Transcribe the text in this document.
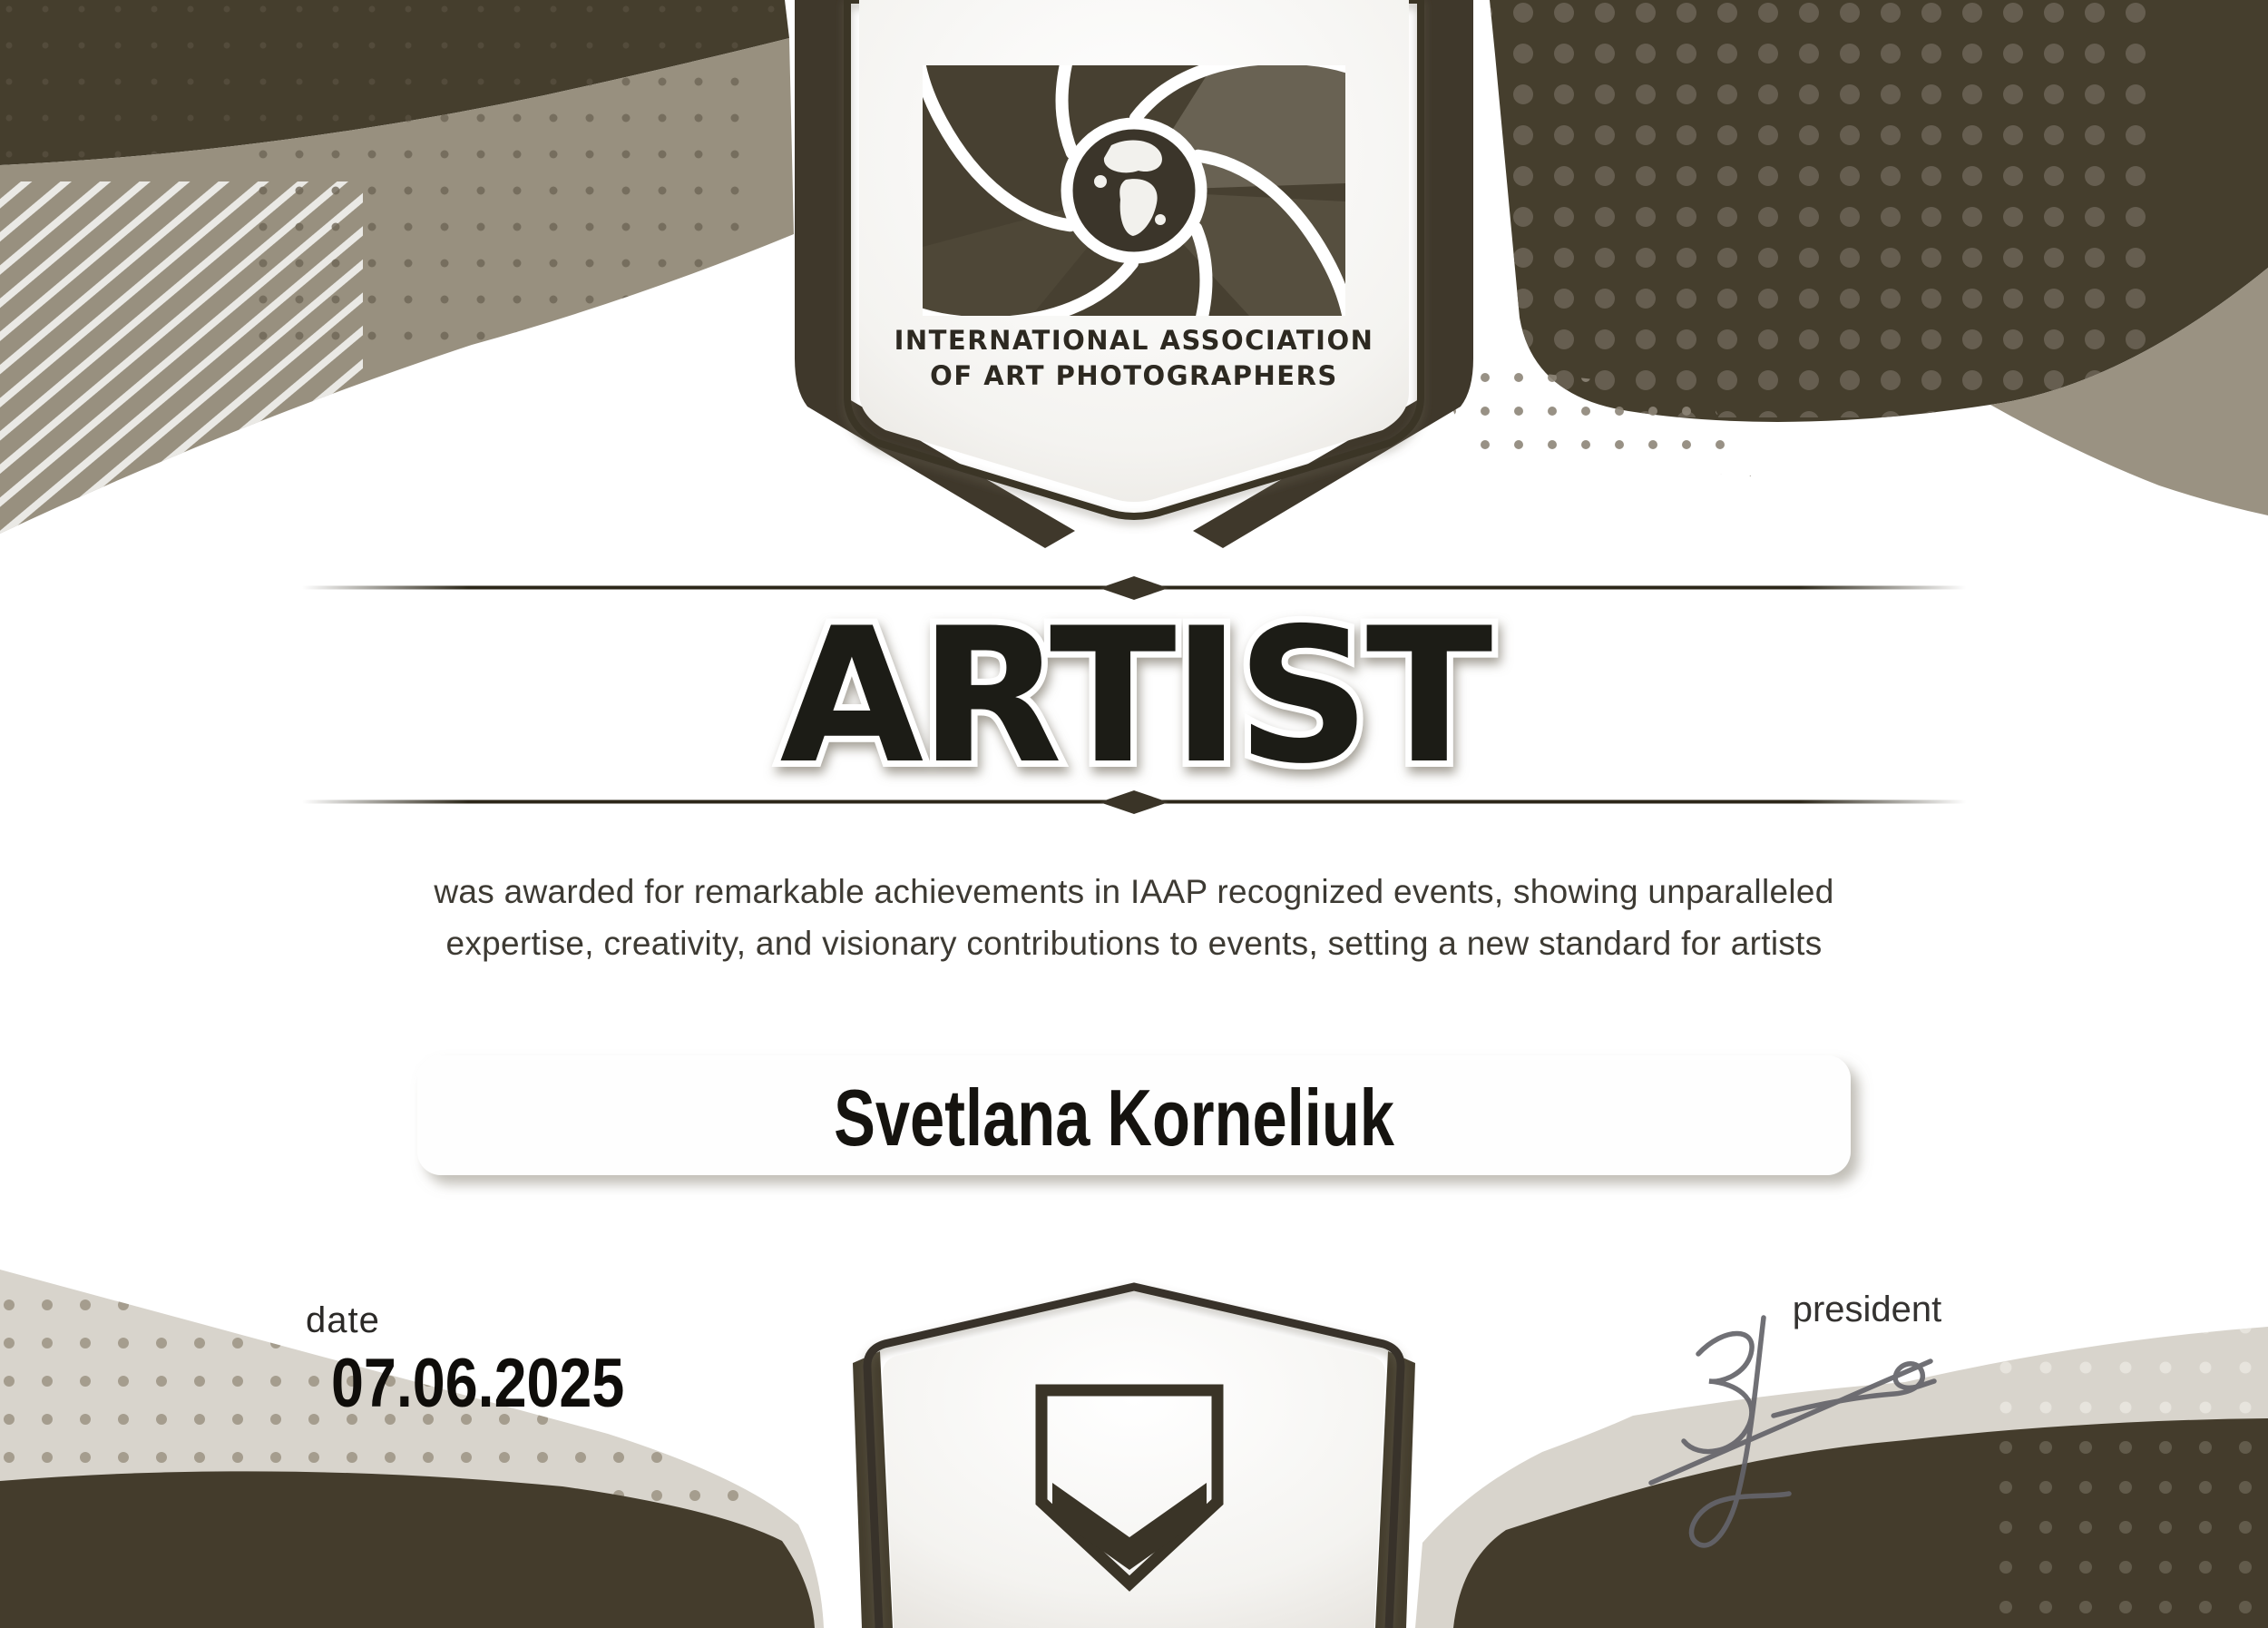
INTERNATIONAL ASSOCIATION
OF ART PHOTOGRAPHERS
ARTIST
was awarded for remarkable achievements in IAAP recognized events, showing unparalleled
expertise, creativity, and visionary contributions to events, setting a new standard for artists
Svetlana Korneliuk
date
07.06.2025
president
